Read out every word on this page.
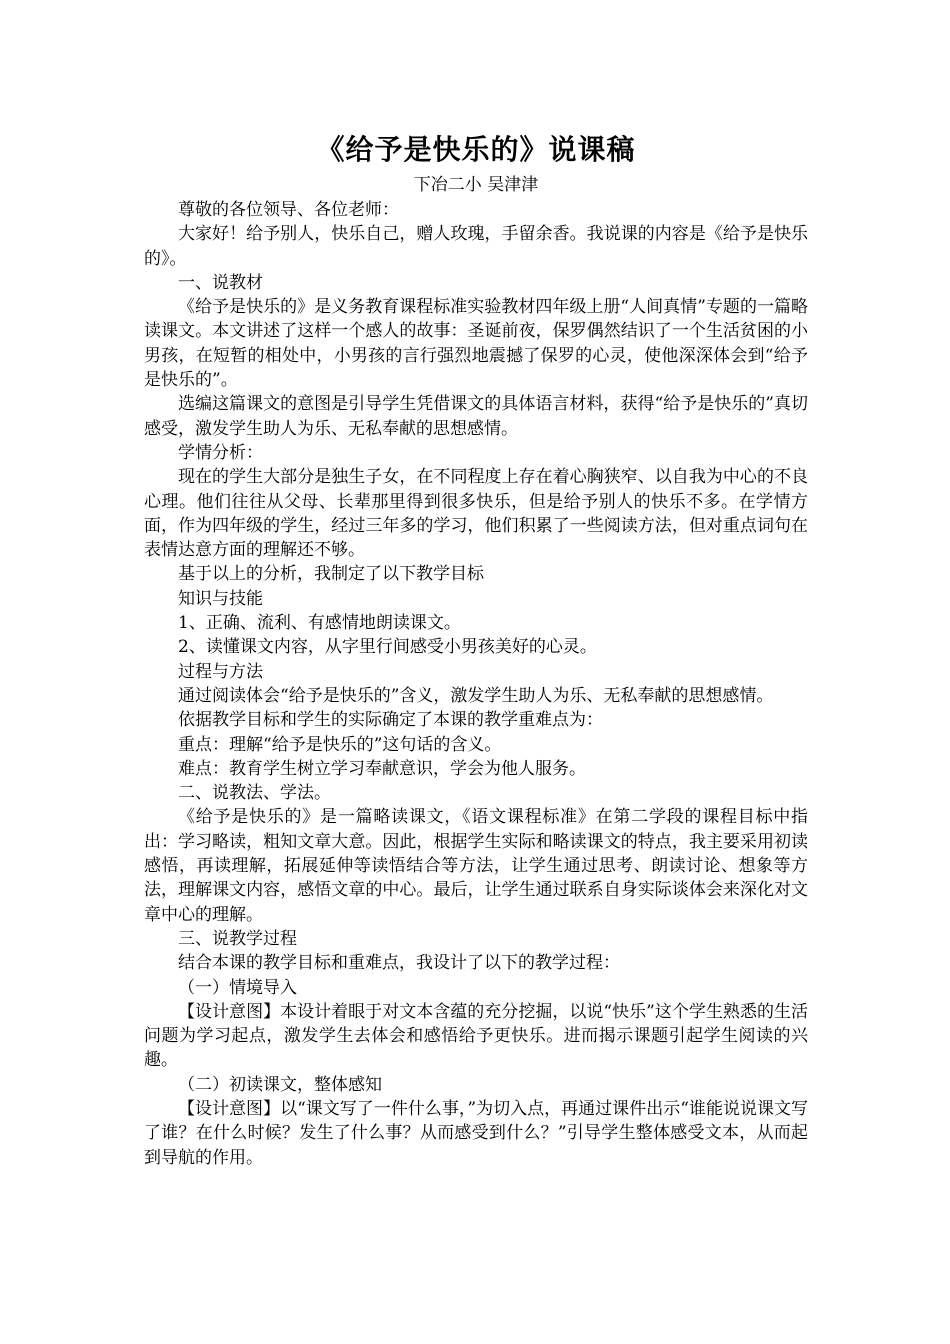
《给予是快乐的》说课稿

下冶二小 吴津津

尊敬的各位领导、各位老师：

大家好！给予别人，快乐自己，赠人玫瑰，手留余香。我说课的内容是《给予是快乐的》。

一、说教材

《给予是快乐的》是义务教育课程标准实验教材四年级上册“人间真情”专题的一篇略读课文。本文讲述了这样一个感人的故事：圣诞前夜，保罗偶然结识了一个生活贫困的小男孩，在短暂的相处中，小男孩的言行强烈地震撼了保罗的心灵，使他深深体会到“给予是快乐的”。

选编这篇课文的意图是引导学生凭借课文的具体语言材料，获得“给予是快乐的”真切感受，激发学生助人为乐、无私奉献的思想感情。

学情分析：

现在的学生大部分是独生子女，在不同程度上存在着心胸狭窄、以自我为中心的不良心理。他们往往从父母、长辈那里得到很多快乐，但是给予别人的快乐不多。在学情方面，作为四年级的学生，经过三年多的学习，他们积累了一些阅读方法，但对重点词句在表情达意方面的理解还不够。

基于以上的分析，我制定了以下教学目标

知识与技能

1、正确、流利、有感情地朗读课文。

2、读懂课文内容，从字里行间感受小男孩美好的心灵。

过程与方法

通过阅读体会“给予是快乐的”含义，激发学生助人为乐、无私奉献的思想感情。

依据教学目标和学生的实际确定了本课的教学重难点为：

重点：理解“给予是快乐的”这句话的含义。

难点：教育学生树立学习奉献意识，学会为他人服务。

二、说教法、学法。

《给予是快乐的》是一篇略读课文，《语文课程标准》在第二学段的课程目标中指出：学习略读，粗知文章大意。因此，根据学生实际和略读课文的特点，我主要采用初读感悟，再读理解，拓展延伸等读悟结合等方法，让学生通过思考、朗读讨论、想象等方法，理解课文内容，感悟文章的中心。最后，让学生通过联系自身实际谈体会来深化对文章中心的理解。

三、说教学过程

结合本课的教学目标和重难点，我设计了以下的教学过程：

（一）情境导入

【设计意图】本设计着眼于对文本含蕴的充分挖掘，以说“快乐”这个学生熟悉的生活问题为学习起点，激发学生去体会和感悟给予更快乐。进而揭示课题引起学生阅读的兴趣。

（二）初读课文，整体感知

【设计意图】以“课文写了一件什么事，”为切入点，再通过课件出示“谁能说说课文写了谁？在什么时候？发生了什么事？从而感受到什么？”引导学生整体感受文本，从而起到导航的作用。
